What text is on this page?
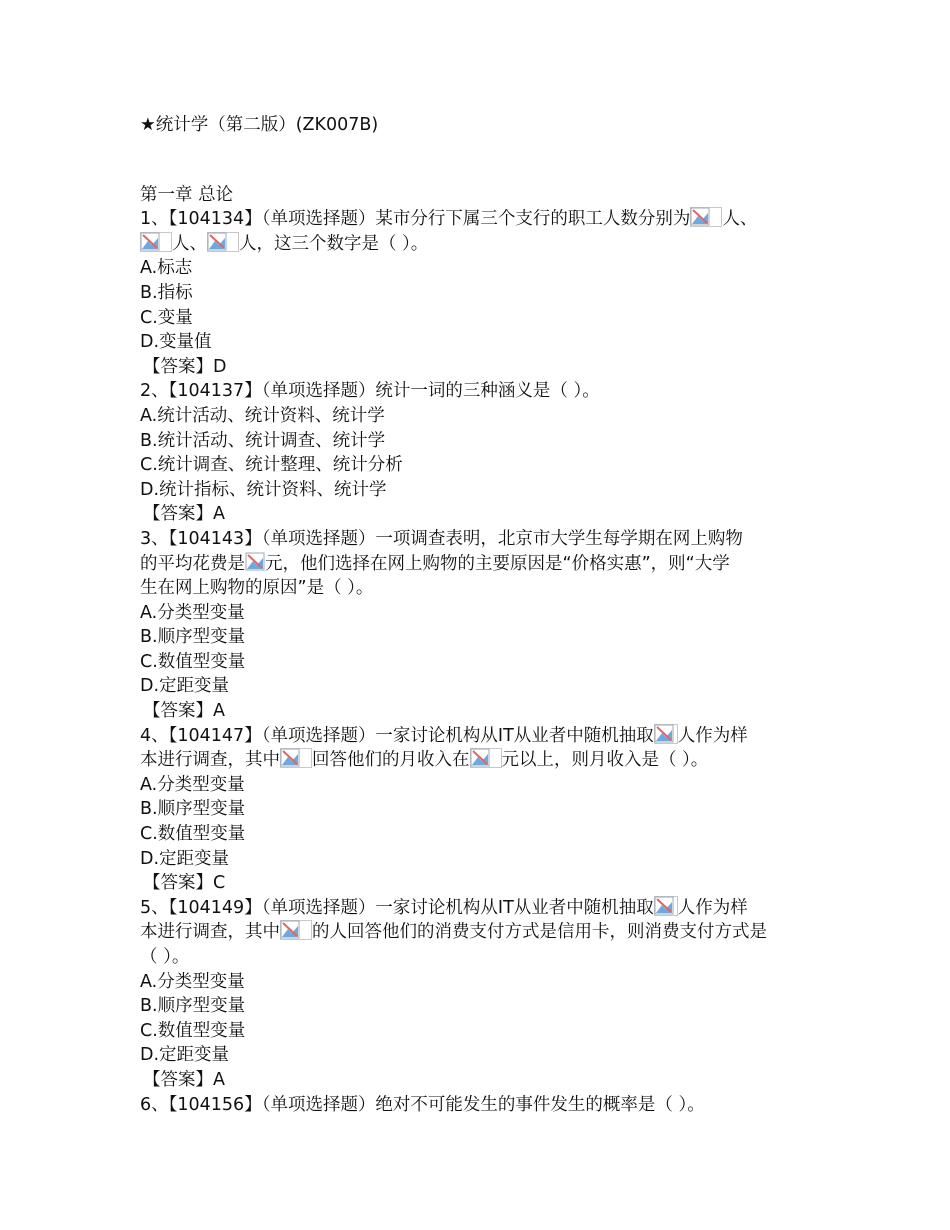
★统计学（第二版）(ZK007B)
第一章 总论
1、【104134】（单项选择题）某市分行下属三个支行的职工人数分别为 人、
人、 人，这三个数字是（ ）。
A.标志
B.指标
C.变量
D.变量值
【答案】D
2、【104137】（单项选择题）统计一词的三种涵义是（ ）。
A.统计活动、统计资料、统计学
B.统计活动、统计调查、统计学
C.统计调查、统计整理、统计分析
D.统计指标、统计资料、统计学
【答案】A
3、【104143】（单项选择题）一项调查表明，北京市大学生每学期在网上购物
的平均花费是 元，他们选择在网上购物的主要原因是“价格实惠”，则“大学
生在网上购物的原因”是（ ）。
A.分类型变量
B.顺序型变量
C.数值型变量
D.定距变量
【答案】A
4、【104147】（单项选择题）一家讨论机构从IT从业者中随机抽取 人作为样
本进行调查，其中 回答他们的月收入在 元以上，则月收入是（ ）。
A.分类型变量
B.顺序型变量
C.数值型变量
D.定距变量
【答案】C
5、【104149】（单项选择题）一家讨论机构从IT从业者中随机抽取 人作为样
本进行调查，其中 的人回答他们的消费支付方式是信用卡，则消费支付方式是
（ ）。
A.分类型变量
B.顺序型变量
C.数值型变量
D.定距变量
【答案】A
6、【104156】（单项选择题）绝对不可能发生的事件发生的概率是（ ）。
